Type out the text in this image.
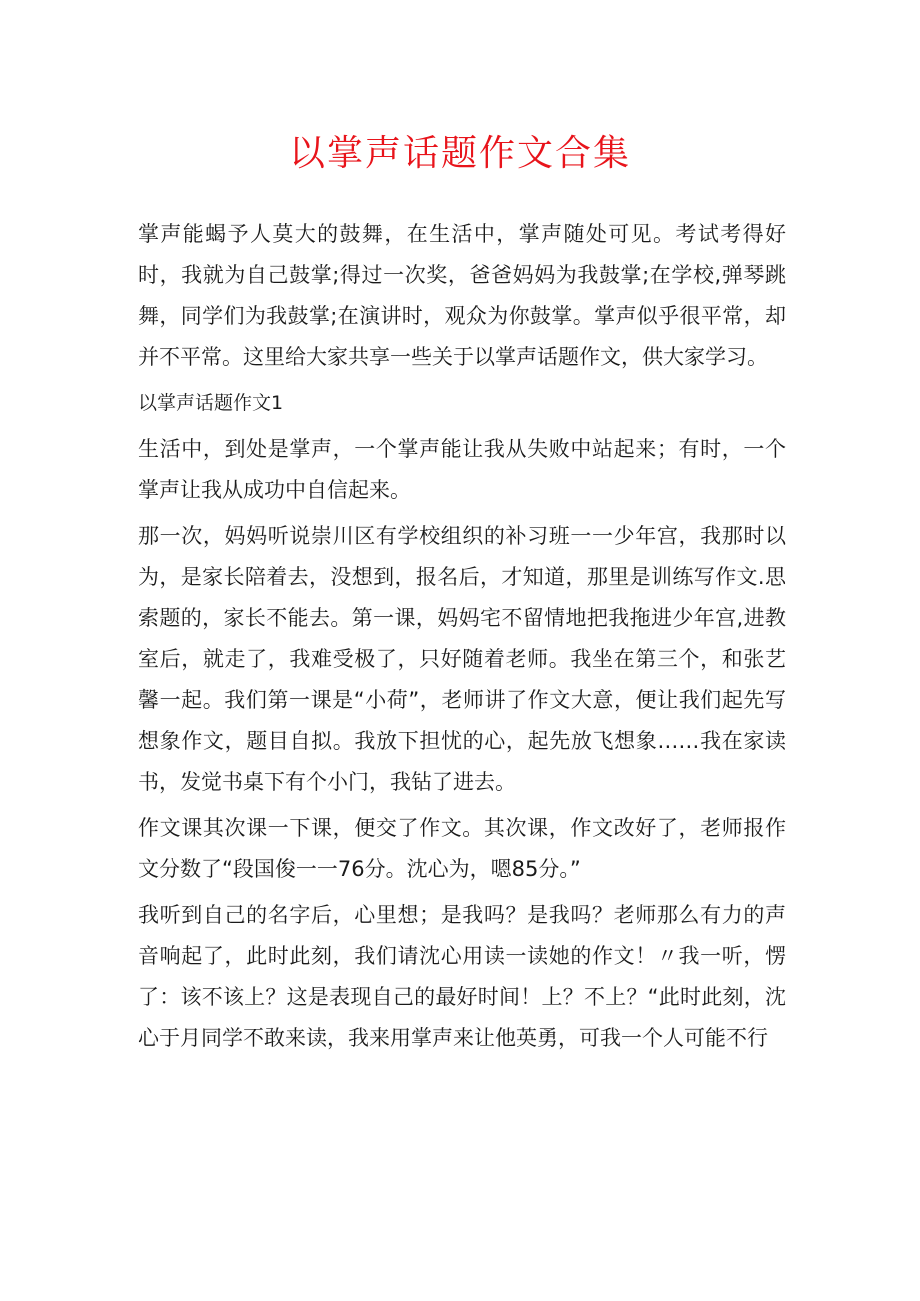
以掌声话题作文合集

掌声能蝎予人莫大的鼓舞，在生活中，掌声随处可见。考试考得好时，我就为自己鼓掌;得过一次奖，爸爸妈妈为我鼓掌;在学校,弹琴跳舞，同学们为我鼓掌;在演讲时，观众为你鼓掌。掌声似乎很平常，却并不平常。这里给大家共享一些关于以掌声话题作文，供大家学习。

以掌声话题作文1

生活中，到处是掌声，一个掌声能让我从失败中站起来；有时，一个掌声让我从成功中自信起来。

那一次，妈妈听说崇川区有学校组织的补习班一一少年宫，我那时以为，是家长陪着去，没想到，报名后，才知道，那里是训练写作文.思索题的，家长不能去。第一课，妈妈宅不留情地把我拖进少年宫,进教室后，就走了，我难受极了，只好随着老师。我坐在第三个，和张艺馨一起。我们第一课是“小荷”，老师讲了作文大意，便让我们起先写想象作文，题目自拟。我放下担忧的心，起先放飞想象……我在家读书，发觉书桌下有个小门，我钻了进去。

作文课其次课一下课，便交了作文。其次课，作文改好了，老师报作文分数了“段国俊一一76分。沈心为，嗯85分。”

我听到自己的名字后，心里想；是我吗？是我吗？老师那么有力的声音响起了，此时此刻，我们请沈心用读一读她的作文！〃我一听，愣了：该不该上？这是表现自己的最好时间！上？不上？“此时此刻，沈心于月同学不敢来读，我来用掌声来让他英勇，可我一个人可能不行
